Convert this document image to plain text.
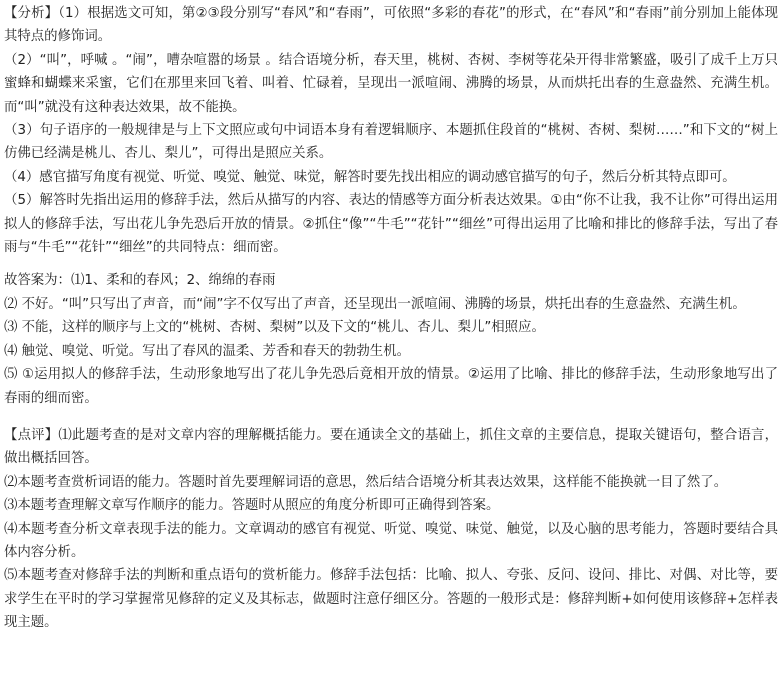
【分析】（1）根据选文可知，第②③段分别写“春风”和“春雨”，可依照“多彩的春花”的形式，在“春风”和“春雨”前分别加上能体现其特点的修饰词。

（2）“叫”，呼喊 。“闹”，嘈杂喧嚣的场景 。结合语境分析，春天里，桃树、杏树、李树等花朵开得非常繁盛，吸引了成千上万只蜜蜂和蝴蝶来采蜜，它们在那里来回飞着、叫着、忙碌着，呈现出一派喧闹、沸腾的场景，从而烘托出春的生意盎然、充满生机。而“叫”就没有这种表达效果，故不能换。

（3）句子语序的一般规律是与上下文照应或句中词语本身有着逻辑顺序、本题抓住段首的“桃树、杏树、梨树……”和下文的“树上仿佛已经满是桃儿、杏儿、梨儿”，可得出是照应关系。

（4）感官描写角度有视觉、听觉、嗅觉、触觉、味觉，解答时要先找出相应的调动感官描写的句子，然后分析其特点即可。

（5）解答时先指出运用的修辞手法，然后从描写的内容、表达的情感等方面分析表达效果。①由“你不让我，我不让你”可得出运用拟人的修辞手法，写出花儿争先恐后开放的情景。②抓住“像”“牛毛”“花针”“细丝”可得出运用了比喻和排比的修辞手法，写出了春雨与“牛毛”“花针”“细丝”的共同特点：细而密。

故答案为：⑴1、柔和的春风；2、绵绵的春雨

⑵ 不好。“叫”只写出了声音，而“闹”字不仅写出了声音，还呈现出一派喧闹、沸腾的场景，烘托出春的生意盎然、充满生机。

⑶ 不能，这样的顺序与上文的“桃树、杏树、梨树”以及下文的“桃儿、杏儿、梨儿”相照应。

⑷ 触觉、嗅觉、听觉。写出了春风的温柔、芳香和春天的勃勃生机。

⑸ ①运用拟人的修辞手法，生动形象地写出了花儿争先恐后竟相开放的情景。②运用了比喻、排比的修辞手法，生动形象地写出了春雨的细而密。

【点评】⑴此题考查的是对文章内容的理解概括能力。要在通读全文的基础上，抓住文章的主要信息，提取关键语句，整合语言，做出概括回答。

⑵本题考查赏析词语的能力。答题时首先要理解词语的意思，然后结合语境分析其表达效果，这样能不能换就一目了然了。

⑶本题考查理解文章写作顺序的能力。答题时从照应的角度分析即可正确得到答案。

⑷本题考查分析文章表现手法的能力。文章调动的感官有视觉、听觉、嗅觉、味觉、触觉，以及心脑的思考能力，答题时要结合具体内容分析。

⑸本题考查对修辞手法的判断和重点语句的赏析能力。修辞手法包括：比喻、拟人、夸张、反问、设问、排比、对偶、对比等，要求学生在平时的学习掌握常见修辞的定义及其标志，做题时注意仔细区分。答题的一般形式是：修辞判断+如何使用该修辞+怎样表现主题。
